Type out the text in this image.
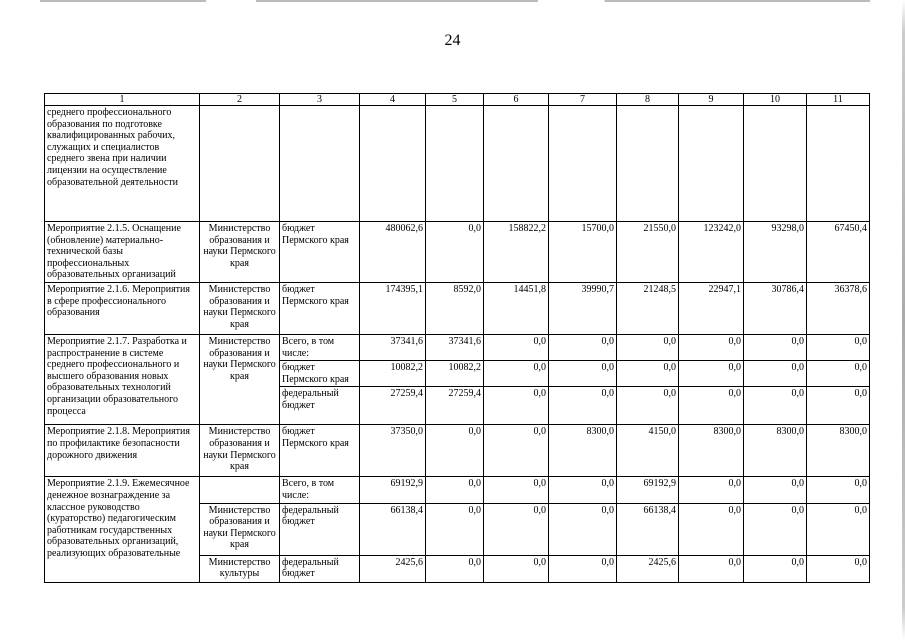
24
1	2	3	4	5	6	7	8	9	10	11
среднего профессионального образования по подготовке квалифицированных рабочих, служащих и специалистов среднего звена при наличии лицензии на осуществление образовательной деятельности										
Мероприятие 2.1.5. Оснащение (обновление) материально-технической базы профессиональных образовательных организаций	Министерство образования и науки Пермского края	бюджет Пермского края	480062,6	0,0	158822,2	15700,0	21550,0	123242,0	93298,0	67450,4
Мероприятие 2.1.6. Мероприятия в сфере профессионального образования	Министерство образования и науки Пермского края	бюджет Пермского края	174395,1	8592,0	14451,8	39990,7	21248,5	22947,1	30786,4	36378,6
Мероприятие 2.1.7. Разработка и распространение в системе среднего профессионального и высшего образования новых образовательных технологий организации образовательного процесса	Министерство образования и науки Пермского края	Всего, в том числе:	37341,6	37341,6	0,0	0,0	0,0	0,0	0,0	0,0
		бюджет Пермского края	10082,2	10082,2	0,0	0,0	0,0	0,0	0,0	0,0
		федеральный бюджет	27259,4	27259,4	0,0	0,0	0,0	0,0	0,0	0,0
Мероприятие 2.1.8. Мероприятия по профилактике безопасности дорожного движения	Министерство образования и науки Пермского края	бюджет Пермского края	37350,0	0,0	0,0	8300,0	4150,0	8300,0	8300,0	8300,0
Мероприятие 2.1.9. Ежемесячное денежное вознаграждение за классное руководство (кураторство) педагогическим работникам государственных образовательных организаций, реализующих образовательные		Всего, в том числе:	69192,9	0,0	0,0	0,0	69192,9	0,0	0,0	0,0
	Министерство образования и науки Пермского края	федеральный бюджет	66138,4	0,0	0,0	0,0	66138,4	0,0	0,0	0,0
	Министерство культуры	федеральный бюджет	2425,6	0,0	0,0	0,0	2425,6	0,0	0,0	0,0
